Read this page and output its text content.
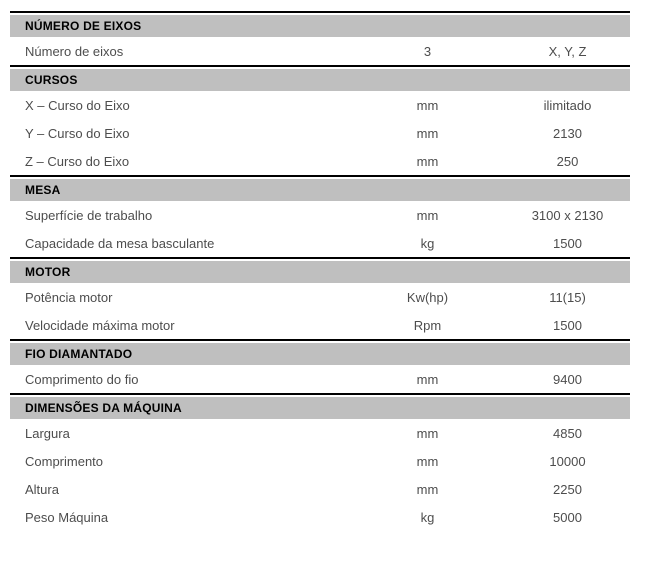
NÚMERO DE EIXOS
Número de eixos	3	X, Y, Z
CURSOS
X – Curso do Eixo	mm	ilimitado
Y – Curso do Eixo	mm	2130
Z – Curso do Eixo	mm	250
MESA
Superfície de trabalho	mm	3100 x 2130
Capacidade da mesa basculante	kg	1500
MOTOR
Potência motor	Kw(hp)	11(15)
Velocidade máxima motor	Rpm	1500
FIO DIAMANTADO
Comprimento do fio	mm	9400
DIMENSÕES DA MÁQUINA
Largura	mm	4850
Comprimento	mm	10000
Altura	mm	2250
Peso Máquina	kg	5000
